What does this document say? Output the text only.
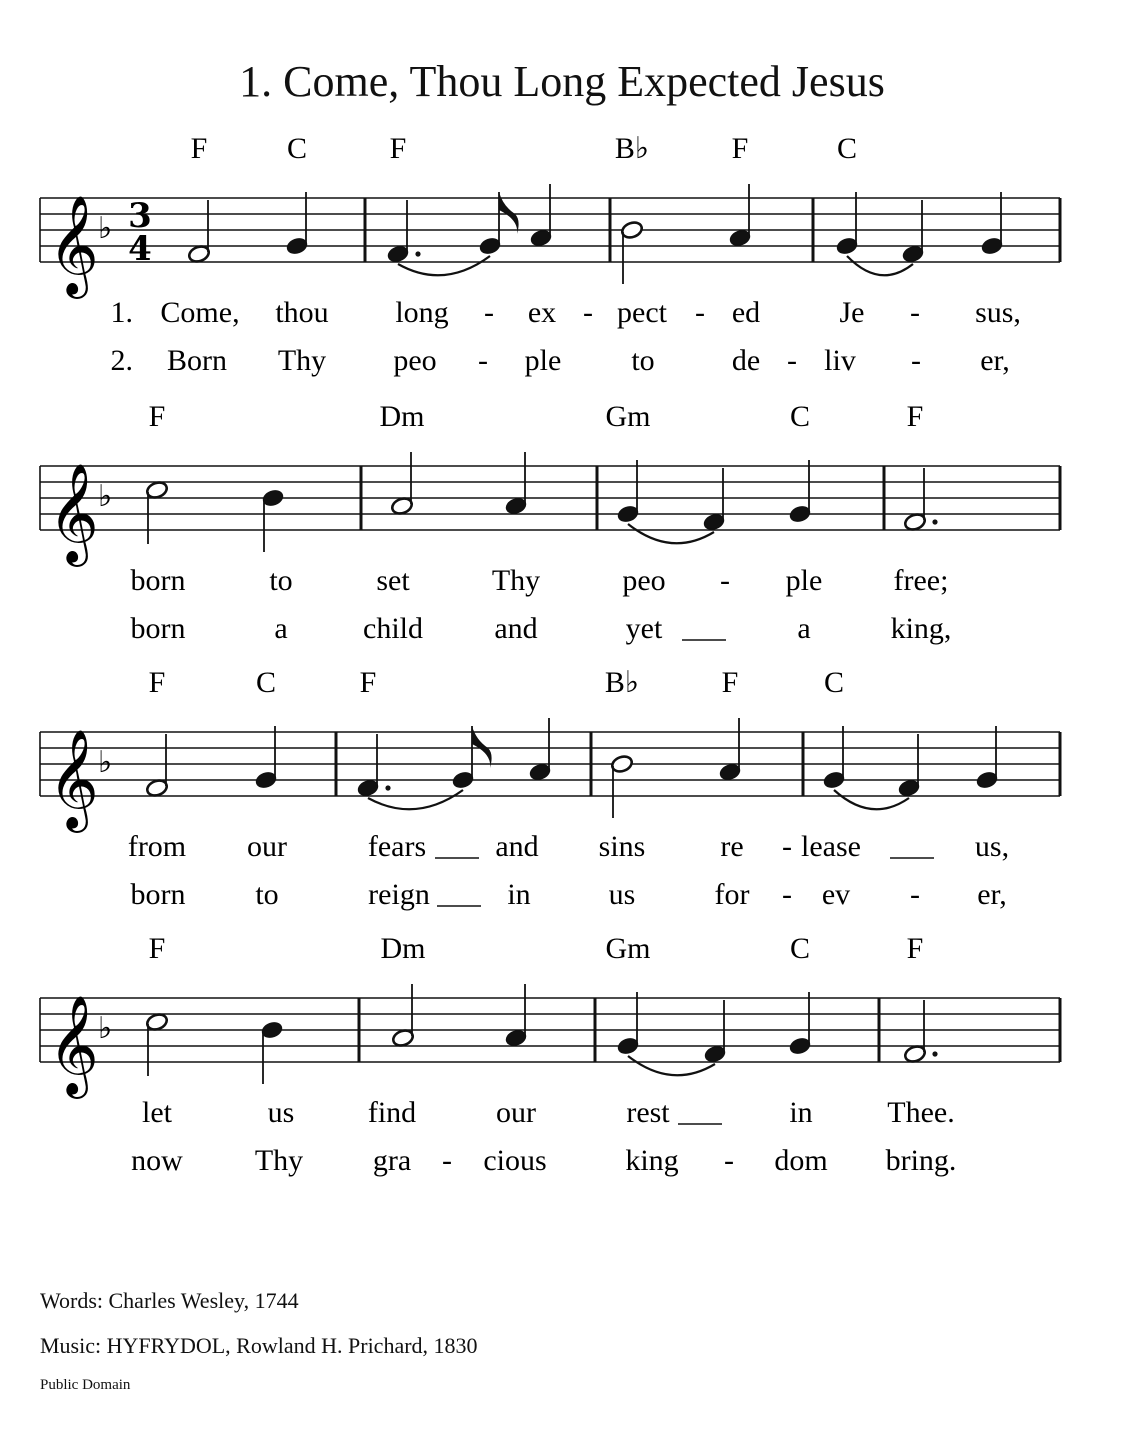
1. Come, Thou Long Expected Jesus
𝄞 ♭ 3
4
F	C	F	B♭	F	C
1. Come, thou long - ex - pect - ed	Je - sus,
2. Born Thy peo - ple to	de - liv - er,
𝄞 ♭
F	Dm	Gm	C	F
born	to	set	Thy	peo - ple free;
born	a	child and	yet	a	king,
𝄞 ♭
F	C	F	B♭	F	C
from our	fears and sins	re - lease	us,
born to	reign	in	us	for - ev - er,
𝄞 ♭
F	Dm	Gm	C	F
let	us find	our	rest	in Thee.
now Thy gra - cious	king - dom bring.
Words: Charles Wesley, 1744
Music: HYFRYDOL, Rowland H. Prichard, 1830
Public Domain
